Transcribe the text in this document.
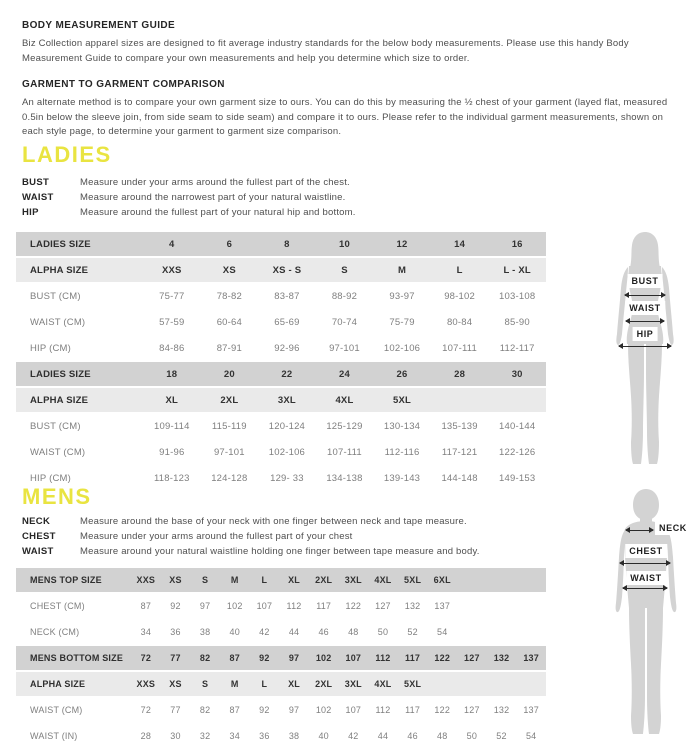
BODY MEASUREMENT GUIDE

Biz Collection apparel sizes are designed to fit average industry standards for the below body measurements. Please use this handy Body Measurement Guide to compare your own measurements and help you determine which size to order.

GARMENT TO GARMENT COMPARISON

An alternate method is to compare your own garment size to ours. You can do this by measuring the ½ chest of your garment (layed flat, measured 0.5in below the sleeve join, from side seam to side seam) and compare it to ours. Please refer to the individual garment measurements, shown on each style page, to determine your garment to garment size comparison.

LADIES
BUST	Measure under your arms around the fullest part of the chest.
WAIST	Measure around the narrowest part of your natural waistline.
HIP	Measure around the fullest part of your natural hip and bottom.
LADIES SIZE	4	6	8	10	12	14	16
ALPHA SIZE	XXS	XS	XS - S	S	M	L	L - XL
BUST (CM)	75-77	78-82	83-87	88-92	93-97	98-102	103-108
WAIST (CM)	57-59	60-64	65-69	70-74	75-79	80-84	85-90
HIP (CM)	84-86	87-91	92-96	97-101	102-106	107-111	112-117
LADIES SIZE	18	20	22	24	26	28	30
ALPHA SIZE	XL	2XL	3XL	4XL	5XL		
BUST (CM)	109-114	115-119	120-124	125-129	130-134	135-139	140-144
WAIST (CM)	91-96	97-101	102-106	107-111	112-116	117-121	122-126
HIP (CM)	118-123	124-128	129- 33	134-138	139-143	144-148	149-153
BUST
WAIST
HIP
MENS
NECK	Measure around the base of your neck with one finger between neck and tape measure.
CHEST	Measure under your arms around the fullest part of your chest
WAIST	Measure around your natural waistline holding one finger between tape measure and body.
MENS TOP SIZE	XXS	XS	S	M	L	XL	2XL	3XL	4XL	5XL	6XL			
CHEST (CM)	87	92	97	102	107	112	117	122	127	132	137			
NECK (CM)	34	36	38	40	42	44	46	48	50	52	54			
MENS BOTTOM SIZE	72	77	82	87	92	97	102	107	112	117	122	127	132	137
ALPHA SIZE	XXS	XS	S	M	L	XL	2XL	3XL	4XL	5XL				
WAIST (CM)	72	77	82	87	92	97	102	107	112	117	122	127	132	137
WAIST (IN)	28	30	32	34	36	38	40	42	44	46	48	50	52	54
NECK
CHEST
WAIST
